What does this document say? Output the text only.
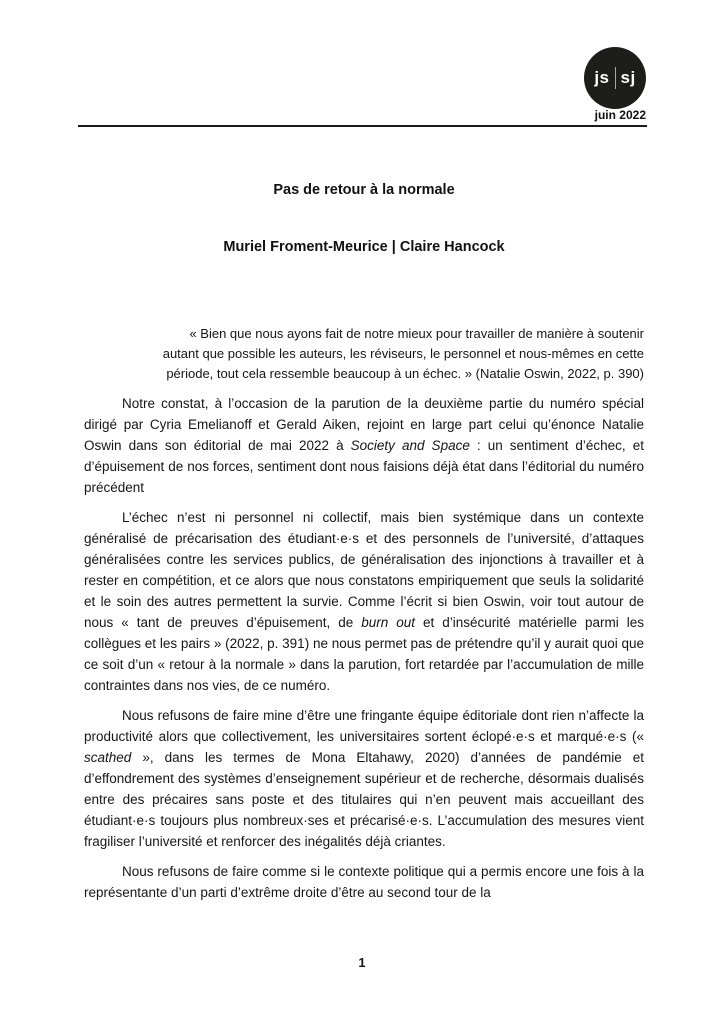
js sj
juin 2022
Pas de retour à la normale
Muriel Froment-Meurice | Claire Hancock
« Bien que nous ayons fait de notre mieux pour travailler de manière à soutenir
autant que possible les auteurs, les réviseurs, le personnel et nous-mêmes en cette
période, tout cela ressemble beaucoup à un échec. » (Natalie Oswin, 2022, p. 390)

Notre constat, à l’occasion de la parution de la deuxième partie du numéro spécial dirigé par Cyria Emelianoff et Gerald Aiken, rejoint en large part celui qu’énonce Natalie Oswin dans son éditorial de mai 2022 à Society and Space : un sentiment d’échec, et d’épuisement de nos forces, sentiment dont nous faisions déjà état dans l’éditorial du numéro précédent

L’échec n’est ni personnel ni collectif, mais bien systémique dans un contexte généralisé de précarisation des étudiant·e·s et des personnels de l’université, d’attaques généralisées contre les services publics, de généralisation des injonctions à travailler et à rester en compétition, et ce alors que nous constatons empiriquement que seuls la solidarité et le soin des autres permettent la survie. Comme l’écrit si bien Oswin, voir tout autour de nous « tant de preuves d’épuisement, de burn out et d’insécurité matérielle parmi les collègues et les pairs » (2022, p. 391) ne nous permet pas de prétendre qu’il y aurait quoi que ce soit d’un « retour à la normale » dans la parution, fort retardée par l’accumulation de mille contraintes dans nos vies, de ce numéro.

Nous refusons de faire mine d’être une fringante équipe éditoriale dont rien n’affecte la productivité alors que collectivement, les universitaires sortent éclopé·e·s et marqué·e·s (« scathed », dans les termes de Mona Eltahawy, 2020) d’années de pandémie et d’effondrement des systèmes d’enseignement supérieur et de recherche, désormais dualisés entre des précaires sans poste et des titulaires qui n’en peuvent mais accueillant des étudiant·e·s toujours plus nombreux·ses et précarisé·e·s. L’accumulation des mesures vient fragiliser l’université et renforcer des inégalités déjà criantes.

Nous refusons de faire comme si le contexte politique qui a permis encore une fois à la représentante d’un parti d’extrême droite d’être au second tour de la

1
